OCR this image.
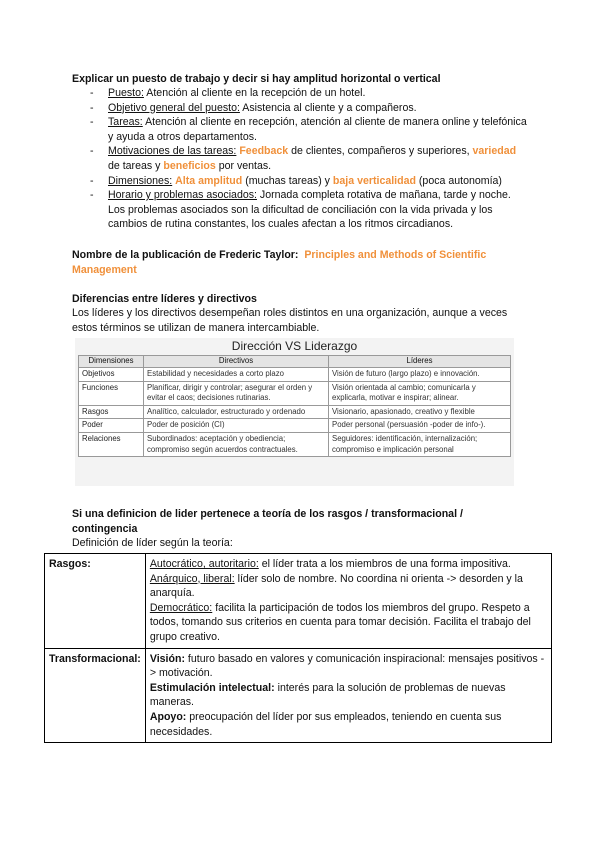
Explicar un puesto de trabajo y decir si hay amplitud horizontal o vertical
- Puesto: Atención al cliente en la recepción de un hotel.
- Objetivo general del puesto: Asistencia al cliente y a compañeros.
- Tareas: Atención al cliente en recepción, atención al cliente de manera online y telefónica y ayuda a otros departamentos.
- Motivaciones de las tareas: Feedback de clientes, compañeros y superiores, variedad de tareas y beneficios por ventas.
- Dimensiones: Alta amplitud (muchas tareas) y baja verticalidad (poca autonomía)
- Horario y problemas asociados: Jornada completa rotativa de mañana, tarde y noche. Los problemas asociados son la dificultad de conciliación con la vida privada y los cambios de rutina constantes, los cuales afectan a los ritmos circadianos.
Nombre de la publicación de Frederic Taylor: Principles and Methods of Scientific Management
Diferencias entre líderes y directivos
Los líderes y los directivos desempeñan roles distintos en una organización, aunque a veces estos términos se utilizan de manera intercambiable.
Dirección VS Liderazgo
Dimensiones	Directivos	Líderes
Objetivos	Estabilidad y necesidades a corto plazo	Visión de futuro (largo plazo) e innovación.
Funciones	Planificar, dirigir y controlar; asegurar el orden y evitar el caos; decisiones rutinarias.	Visión orientada al cambio; comunicarla y explicarla, motivar e inspirar; alinear.
Rasgos	Analítico, calculador, estructurado y ordenado	Visionario, apasionado, creativo y flexible
Poder	Poder de posición (CI)	Poder personal (persuasión -poder de info-).
Relaciones	Subordinados: aceptación y obediencia; compromiso según acuerdos contractuales.	Seguidores: identificación, internalización; compromiso e implicación personal
Si una definicion de lider pertenece a teoría de los rasgos / transformacional / contingencia
Definición de líder según la teoría:
Rasgos:	Autocrático, autoritario: el líder trata a los miembros de una forma impositiva.
Anárquico, liberal: líder solo de nombre. No coordina ni orienta -> desorden y la anarquía.
Democrático: facilita la participación de todos los miembros del grupo. Respeto a todos, tomando sus criterios en cuenta para tomar decisión. Facilita el trabajo del grupo creativo.

Transformacional:	Visión: futuro basado en valores y comunicación inspiracional: mensajes positivos -> motivación.
Estimulación intelectual: interés para la solución de problemas de nuevas maneras.
Apoyo: preocupación del líder por sus empleados, teniendo en cuenta sus necesidades.
